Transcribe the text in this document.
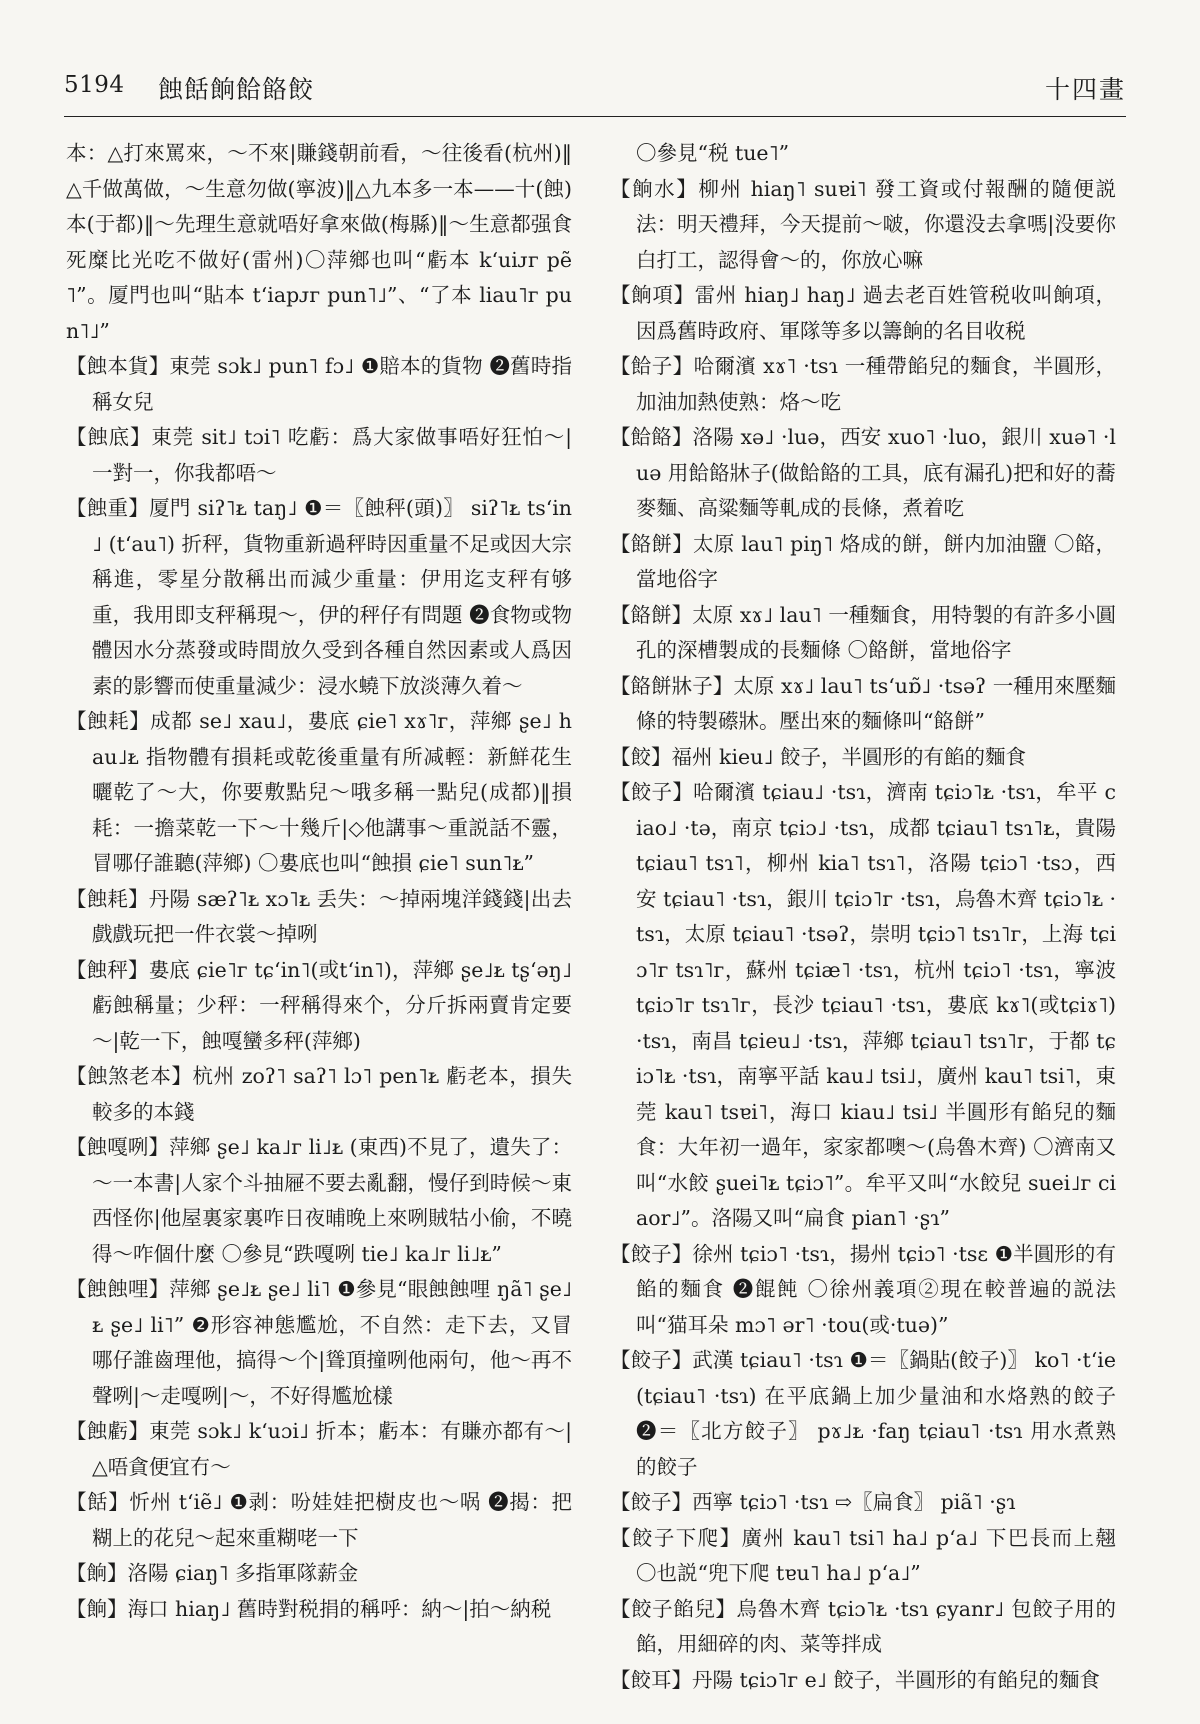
5194 蝕餂餉餄餎餃	十四畫

本：△打來罵來，～不來|賺錢朝前看，～往後看(杭州)‖△千做萬做，～生意勿做(寧波)‖△九本多一本——十(蝕)本(于都)‖～先理生意就唔好拿來做(梅縣)‖～生意都强食死糜比光吃不做好(雷州)〇萍鄉也叫“虧本 kʻuiᴊᴦ pẽ˥”。厦門也叫“貼本 tʻiapᴊᴦ pun˥˩”、“了本 liau˥ᴦ pun˥˩”

【蝕本貨】東莞 sɔk˩ pun˥ fɔ˩ ❶賠本的貨物 ❷舊時指稱女兒

【蝕底】東莞 sit˩ tɔi˥ 吃虧：爲大家做事唔好狂怕～|一對一，你我都唔～

【蝕重】厦門 siʔ˥ᴌ taŋ˩ ❶＝〖蝕秤(頭)〗 siʔ˥ᴌ tsʻin˩ (tʻau˥) 折秤，貨物重新過秤時因重量不足或因大宗稱進，零星分散稱出而減少重量：伊用迄支秤有够重，我用即支秤稱現～，伊的秤仔有問題 ❷食物或物體因水分蒸發或時間放久受到各種自然因素或人爲因素的影響而使重量減少：浸水蟯下放淡薄久着～

【蝕耗】成都 se˩ xau˩，婁底 ɕie˥ xɤ˥ᴦ，萍鄉 ʂe˩ hau˩ᴌ 指物體有損耗或乾後重量有所减輕：新鮮花生曬乾了～大，你要敷點兒～哦多稱一點兒(成都)‖損耗：一擔菜乾一下～十幾斤|◇他講事～重説話不靈，冒哪仔誰聽(萍鄉) 〇婁底也叫“蝕損 ɕie˥ sun˥ᴌ”

【蝕耗】丹陽 sæʔ˥ᴌ xɔ˥ᴌ 丢失：～掉兩塊洋錢錢|出去戲戲玩把一件衣裳～掉咧

【蝕秤】婁底 ɕie˥ᴦ tɕʻin˥(或tʻin˥)，萍鄉 ʂe˩ᴌ tʂʻəŋ˩ 虧蝕稱量；少秤：一秤稱得來个，分斤拆兩賣肯定要～|乾一下，蝕嘎蠻多秤(萍鄉)

【蝕煞老本】杭州 zoʔ˥ saʔ˥ lɔ˥ pen˥ᴌ 虧老本，損失較多的本錢

【蝕嘎咧】萍鄉 ʂe˩ ka˩ᴦ li˩ᴌ (東西)不見了，遺失了：～一本書|人家个斗抽屜不要去亂翻，慢仔到時候～東西怪你|他屋裏家裏咋日夜晡晚上來咧賊牯小偷，不曉得～咋個什麼 〇參見“跌嘎咧 tie˩ ka˩ᴦ li˩ᴌ”

【蝕蝕哩】萍鄉 ʂe˩ᴌ ʂe˩ li˥ ❶參見“眼蝕蝕哩 ŋã˥ ʂe˩ᴌ ʂe˩ li˥” ❷形容神態尷尬，不自然：走下去，又冒哪仔誰齒理他，搞得～个|聳頂撞咧他兩句，他～再不聲咧|～走嘎咧|～，不好得尷尬樣

【蝕虧】東莞 sɔk˩ kʻuɔi˩ 折本；虧本：有賺亦都有～|△唔貪便宜冇～

【餂】忻州 tʻiẽ˩ ❶剥：吩娃娃把樹皮也～㖞 ❷揭：把糊上的花兒～起來重糊咾一下

【餉】洛陽 ɕiaŋ˥ 多指軍隊薪金

【餉】海口 hiaŋ˩ 舊時對税捐的稱呼：納～|拍～納税

〇參見“税 tue˥”

【餉水】柳州 hiaŋ˥ suɐi˥ 發工資或付報酬的隨便説法：明天禮拜，今天提前～啵，你還没去拿嗎|没要你白打工，認得會～的，你放心嘛

【餉項】雷州 hiaŋ˩ haŋ˩ 過去老百姓管税收叫餉項，因爲舊時政府、軍隊等多以籌餉的名目收税

【餄子】哈爾濱 xɤ˥ ·tsɿ 一種帶餡兒的麵食，半圓形，加油加熱使熟：烙～吃

【餄餎】洛陽 xə˩ ·luə，西安 xuo˥ ·luo，銀川 xuə˥ ·luə 用餄餎牀子(做餄餎的工具，底有漏孔)把和好的蕎麥麵、高粱麵等軋成的長條，煮着吃

【餎餅】太原 lau˥ piŋ˥ 烙成的餅，餅内加油鹽 〇餎，當地俗字

【餎餅】太原 xɤ˩ lau˥ 一種麵食，用特製的有許多小圓孔的深槽製成的長麵條 〇餎餅，當地俗字

【餎餅牀子】太原 xɤ˩ lau˥ tsʻuɒ̃˩ ·tsəʔ 一種用來壓麵條的特製礤牀。壓出來的麵條叫“餎餅”

【餃】福州 kieu˩ 餃子，半圓形的有餡的麵食

【餃子】哈爾濱 tɕiau˩ ·tsɿ，濟南 tɕiɔ˥ᴌ ·tsɿ，牟平 ciao˩ ·tə，南京 tɕiɔ˩ ·tsɿ，成都 tɕiau˥ tsɿ˥ᴌ，貴陽 tɕiau˥ tsɿ˥，柳州 kia˥ tsɿ˥，洛陽 tɕiɔ˥ ·tsɔ，西安 tɕiau˥ ·tsɿ，銀川 tɕiɔ˥ᴦ ·tsɿ，烏魯木齊 tɕiɔ˥ᴌ ·tsɿ，太原 tɕiau˥ ·tsəʔ，崇明 tɕiɔ˥ tsɿ˥ᴦ，上海 tɕiɔ˥ᴦ tsɿ˥ᴦ，蘇州 tɕiæ˥ ·tsɿ，杭州 tɕiɔ˥ ·tsɿ，寧波 tɕiɔ˥ᴦ tsɿ˥ᴦ，長沙 tɕiau˥ ·tsɿ，婁底 kɤ˥(或tɕiɤ˥) ·tsɿ，南昌 tɕieu˩ ·tsɿ，萍鄉 tɕiau˥ tsɿ˥ᴦ，于都 tɕiɔ˥ᴌ ·tsɿ，南寧平話 kau˩ tsi˩，廣州 kau˥ tsi˥，東莞 kau˥ tsɐi˥，海口 kiau˩ tsi˩ 半圓形有餡兒的麵食：大年初一過年，家家都噢～(烏魯木齊) 〇濟南又叫“水餃 ʂuei˥ᴌ tɕiɔ˥”。牟平又叫“水餃兒 suei˩ᴦ ciaor˩”。洛陽又叫“扁食 pian˥ ·ʂɿ”

【餃子】徐州 tɕiɔ˥ ·tsɿ，揚州 tɕiɔ˥ ·tsɛ ❶半圓形的有餡的麵食 ❷餛飩 〇徐州義項②現在較普遍的説法叫“猫耳朵 mɔ˥ ər˥ ·tou(或·tuə)”

【餃子】武漢 tɕiau˥ ·tsɿ ❶＝〖鍋貼(餃子)〗 ko˥ ·tʻie (tɕiau˥ ·tsɿ) 在平底鍋上加少量油和水烙熟的餃子 ❷＝〖北方餃子〗 pɤ˩ᴌ ·faŋ tɕiau˥ ·tsɿ 用水煮熟的餃子

【餃子】西寧 tɕiɔ˥ ·tsɿ ⇨〖扁食〗 piã˥ ·ʂɿ

【餃子下爬】廣州 kau˥ tsi˥ ha˩ pʻa˩ 下巴長而上翹 〇也説“兜下爬 tɐu˥ ha˩ pʻa˩”

【餃子餡兒】烏魯木齊 tɕiɔ˥ᴌ ·tsɿ ɕyanr˩ 包餃子用的餡，用細碎的肉、菜等拌成

【餃耳】丹陽 tɕiɔ˥ᴦ e˩ 餃子，半圓形的有餡兒的麵食
